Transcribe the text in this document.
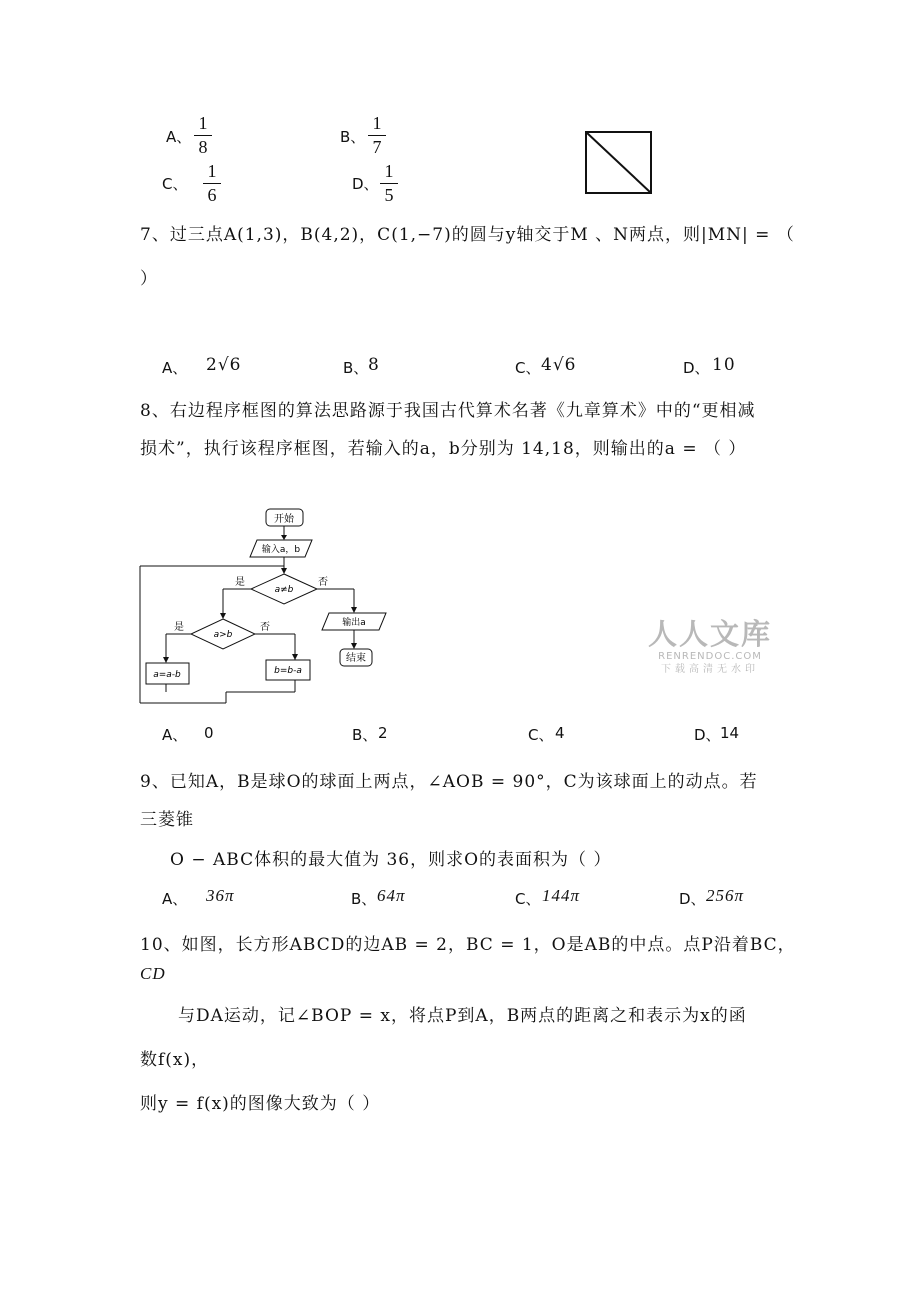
A、
1
8	B、
1
7
C、
1
6
D、
1
5
7、过三点A(1,3)，B(4,2)，C(1,−7)的圆与y轴交于M 、N两点，则|MN| = （
）
A、 2√6	B、 8	C、 4√6	D、 10
8、右边程序框图的算法思路源于我国古代算术名著《九章算术》中的“更相减
损术”，执行该程序框图，若输入的a，b分别为 14,18，则输出的a = （ ）
开始
输入a，b
a≠b
是	否
输出a
结束
a>b
是	否
a=a-b	b=b-a
人人文库
RENRENDOC.COM
下载高清无水印
A、 0	B、 2	C、 4	D、 14
9、已知A，B是球O的球面上两点，∠AOB = 90°，C为该球面上的动点。若
三菱锥
O − ABC体积的最大值为 36，则求O的表面积为（ ）
A、 36π	B、 64π	C、 144π	D、 256π
10、如图，长方形ABCD的边AB = 2，BC = 1，O是AB的中点。点P沿着BC，
CD
与DA运动，记∠BOP = x，将点P到A，B两点的距离之和表示为x的函
数f(x)，
则y = f(x)的图像大致为（ ）
